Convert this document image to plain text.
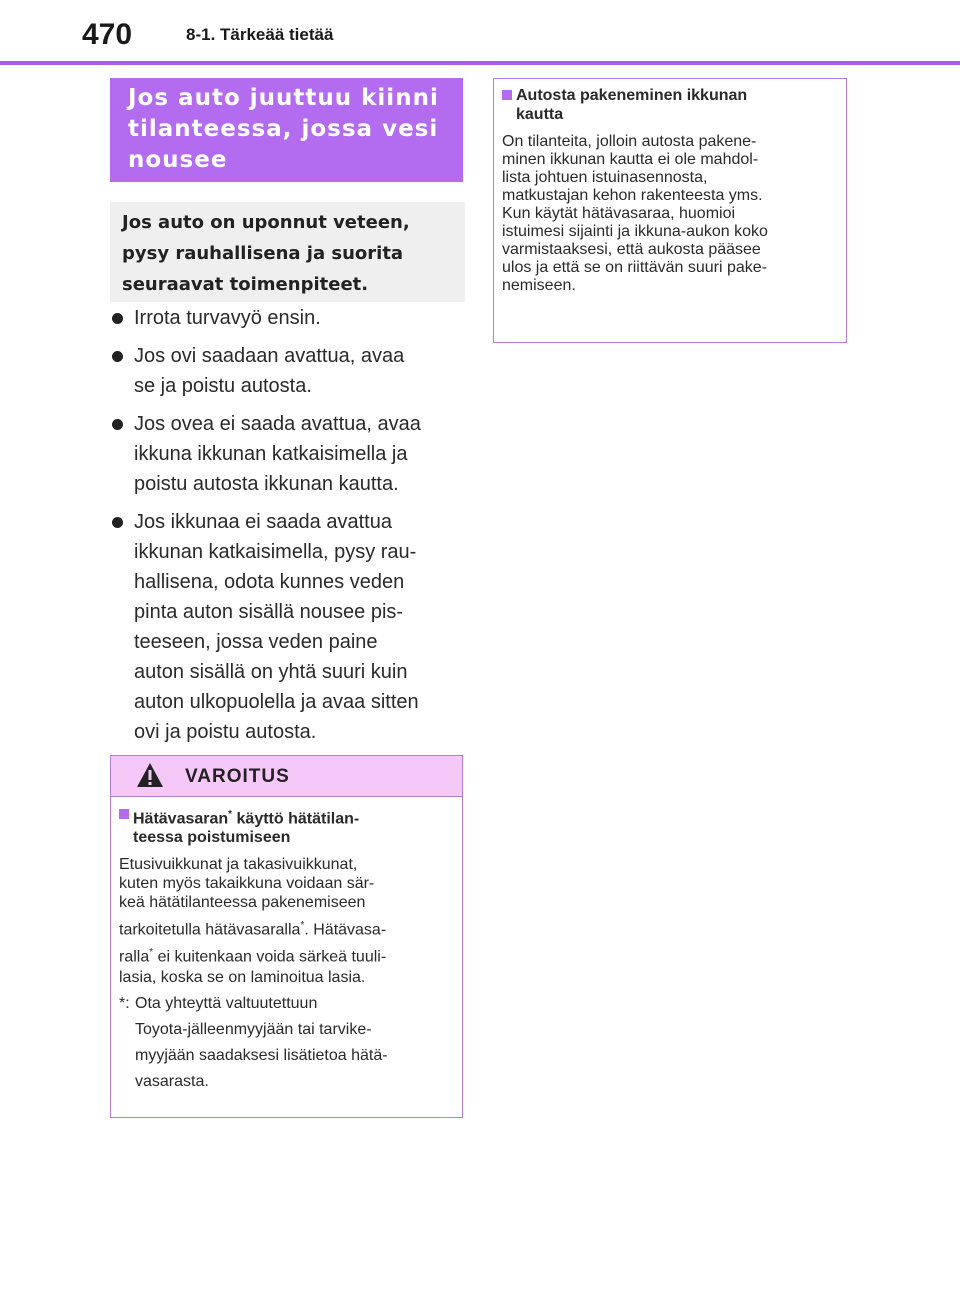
470	8-1. Tärkeää tietää
Jos auto juuttuu kiinni
tilanteessa, jossa vesi
nousee
Jos auto on uponnut veteen,
pysy rauhallisena ja suorita
seuraavat toimenpiteet.
Irrota turvavyö ensin.
Jos ovi saadaan avattua, avaa
se ja poistu autosta.
Jos ovea ei saada avattua, avaa
ikkuna ikkunan katkaisimella ja
poistu autosta ikkunan kautta.
Jos ikkunaa ei saada avattua
ikkunan katkaisimella, pysy rau-
hallisena, odota kunnes veden
pinta auton sisällä nousee pis-
teeseen, jossa veden paine
auton sisällä on yhtä suuri kuin
auton ulkopuolella ja avaa sitten
ovi ja poistu autosta.
VAROITUS
Hätävasaran* käyttö hätätilan-
teessa poistumiseen
Etusivuikkunat ja takasivuikkunat,
kuten myös takaikkuna voidaan sär-
keä hätätilanteessa pakenemiseen
tarkoitetulla hätävasaralla*. Hätävasa-
ralla* ei kuitenkaan voida särkeä tuuli-
lasia, koska se on laminoitua lasia.
*: Ota yhteyttä valtuutettuun
Toyota-jälleenmyyjään tai tarvike-
myyjään saadaksesi lisätietoa hätä-
vasarasta.
Autosta pakeneminen ikkunan
kautta
On tilanteita, jolloin autosta pakene-
minen ikkunan kautta ei ole mahdol-
lista johtuen istuinasennosta,
matkustajan kehon rakenteesta yms.
Kun käytät hätävasaraa, huomioi
istuimesi sijainti ja ikkuna-aukon koko
varmistaaksesi, että aukosta pääsee
ulos ja että se on riittävän suuri pake-
nemiseen.
